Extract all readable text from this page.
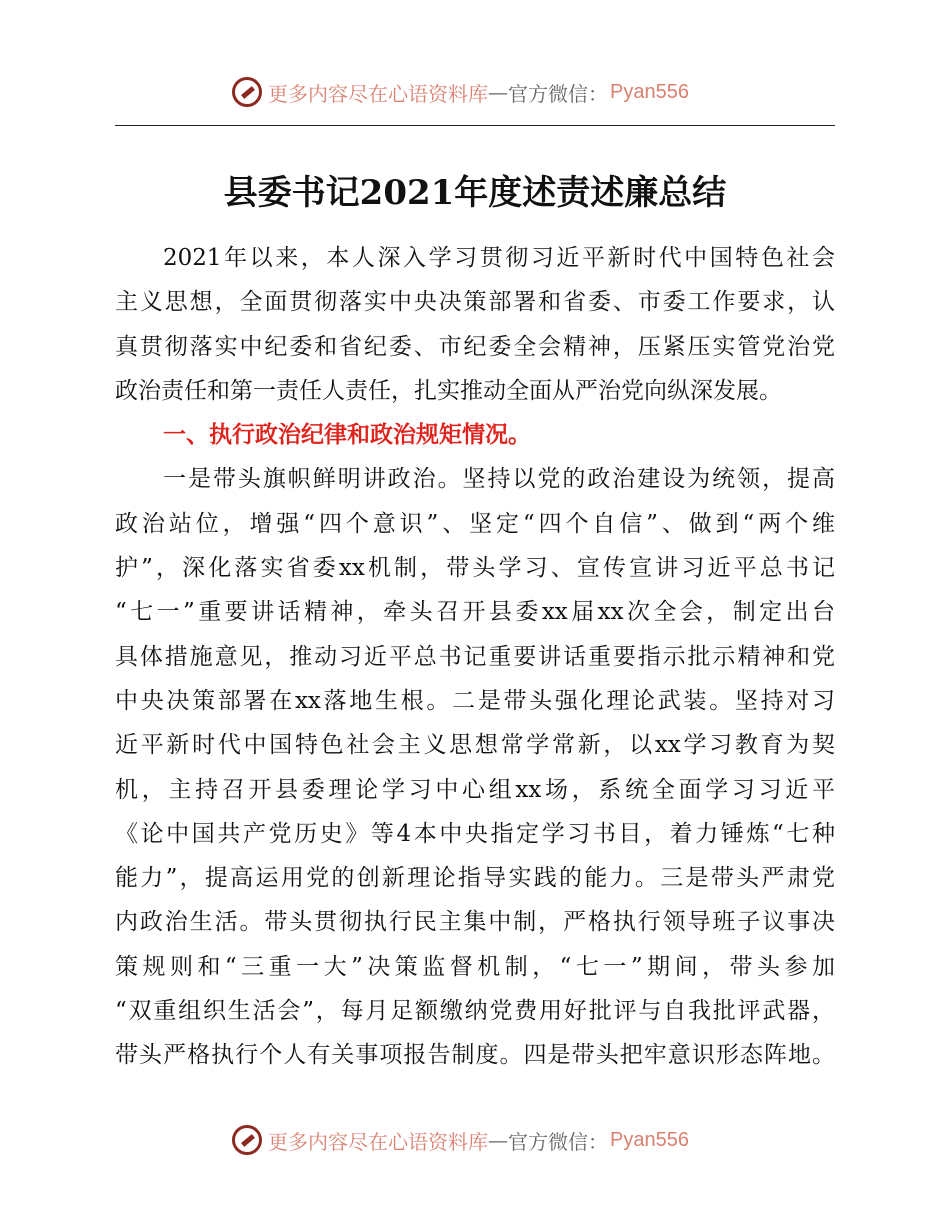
更多内容尽在心语资料库 — 官方微信： Pyan556
县委书记2021年度述责述廉总结
2021年以来，本人深入学习贯彻习近平新时代中国特色社会
主义思想，全面贯彻落实中央决策部署和省委、市委工作要求，认
真贯彻落实中纪委和省纪委、市纪委全会精神，压紧压实管党治党
政治责任和第一责任人责任，扎实推动全面从严治党向纵深发展。
一、执行政治纪律和政治规矩情况。
一是带头旗帜鲜明讲政治。坚持以党的政治建设为统领，提高
政治站位，增强“四个意识”、坚定“四个自信”、做到“两个维
护”，深化落实省委xx机制，带头学习、宣传宣讲习近平总书记
“七一”重要讲话精神，牵头召开县委xx届xx次全会，制定出台
具体措施意见，推动习近平总书记重要讲话重要指示批示精神和党
中央决策部署在xx落地生根。二是带头强化理论武装。坚持对习
近平新时代中国特色社会主义思想常学常新，以xx学习教育为契
机，主持召开县委理论学习中心组xx场，系统全面学习习近平
《论中国共产党历史》等4本中央指定学习书目，着力锤炼“七种
能力”，提高运用党的创新理论指导实践的能力。三是带头严肃党
内政治生活。带头贯彻执行民主集中制，严格执行领导班子议事决
策规则和“三重一大”决策监督机制，“七一”期间，带头参加
“双重组织生活会”，每月足额缴纳党费用好批评与自我批评武器，
带头严格执行个人有关事项报告制度。四是带头把牢意识形态阵地。
更多内容尽在心语资料库 — 官方微信： Pyan556
